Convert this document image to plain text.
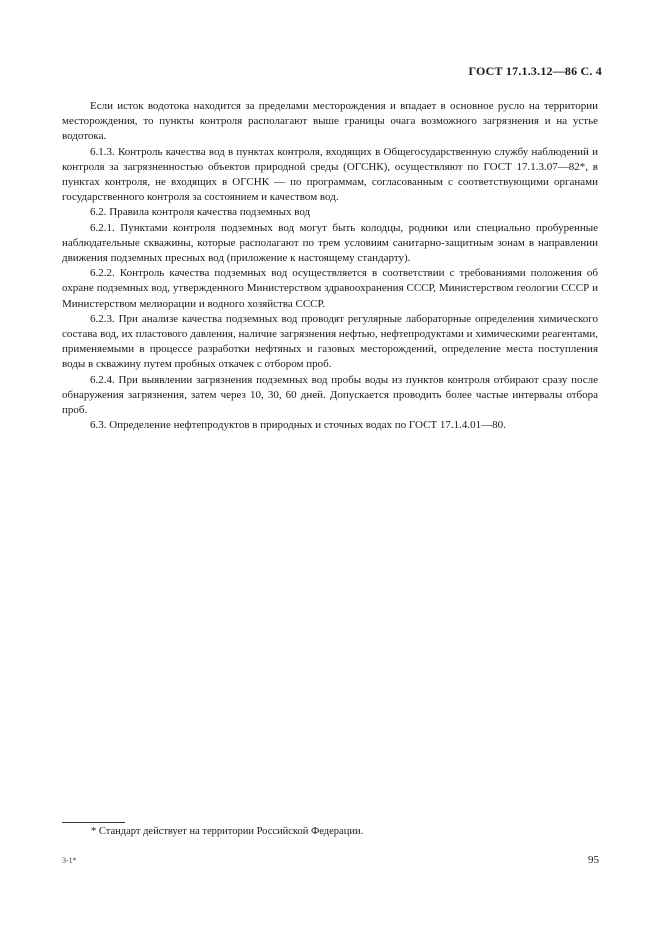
ГОСТ 17.1.3.12—86 С. 4

Если исток водотока находится за пределами месторождения и впадает в основное русло на территории месторождения, то пункты контроля располагают выше границы очага возможного загрязнения и на устье водотока.

6.1.3. Контроль качества вод в пунктах контроля, входящих в Общегосударственную службу наблюдений и контроля за загрязненностью объектов природной среды (ОГСНК), осуществляют по ГОСТ 17.1.3.07—82*, в пунктах контроля, не входящих в ОГСНК — по программам, согласованным с соответствующими органами государственного контроля за состоянием и качеством вод.

6.2. Правила контроля качества подземных вод

6.2.1. Пунктами контроля подземных вод могут быть колодцы, родники или специально пробуренные наблюдательные скважины, которые располагают по трем условиям санитарно-защитным зонам в направлении движения подземных пресных вод (приложение к настоящему стандарту).

6.2.2. Контроль качества подземных вод осуществляется в соответствии с требованиями положения об охране подземных вод, утвержденного Министерством здравоохранения СССР, Министерством геологии СССР и Министерством мелиорации и водного хозяйства СССР.

6.2.3. При анализе качества подземных вод проводят регулярные лабораторные определения химического состава вод, их пластового давления, наличие загрязнения нефтью, нефтепродуктами и химическими реагентами, применяемыми в процессе разработки нефтяных и газовых месторождений, определение места поступления воды в скважину путем пробных откачек с отбором проб.

6.2.4. При выявлении загрязнения подземных вод пробы воды из пунктов контроля отбирают сразу после обнаружения загрязнения, затем через 10, 30, 60 дней. Допускается проводить более частые интервалы отбора проб.

6.3. Определение нефтепродуктов в природных и сточных водах по ГОСТ 17.1.4.01—80.

* Стандарт действует на территории Российской Федерации.
3-1*	95
